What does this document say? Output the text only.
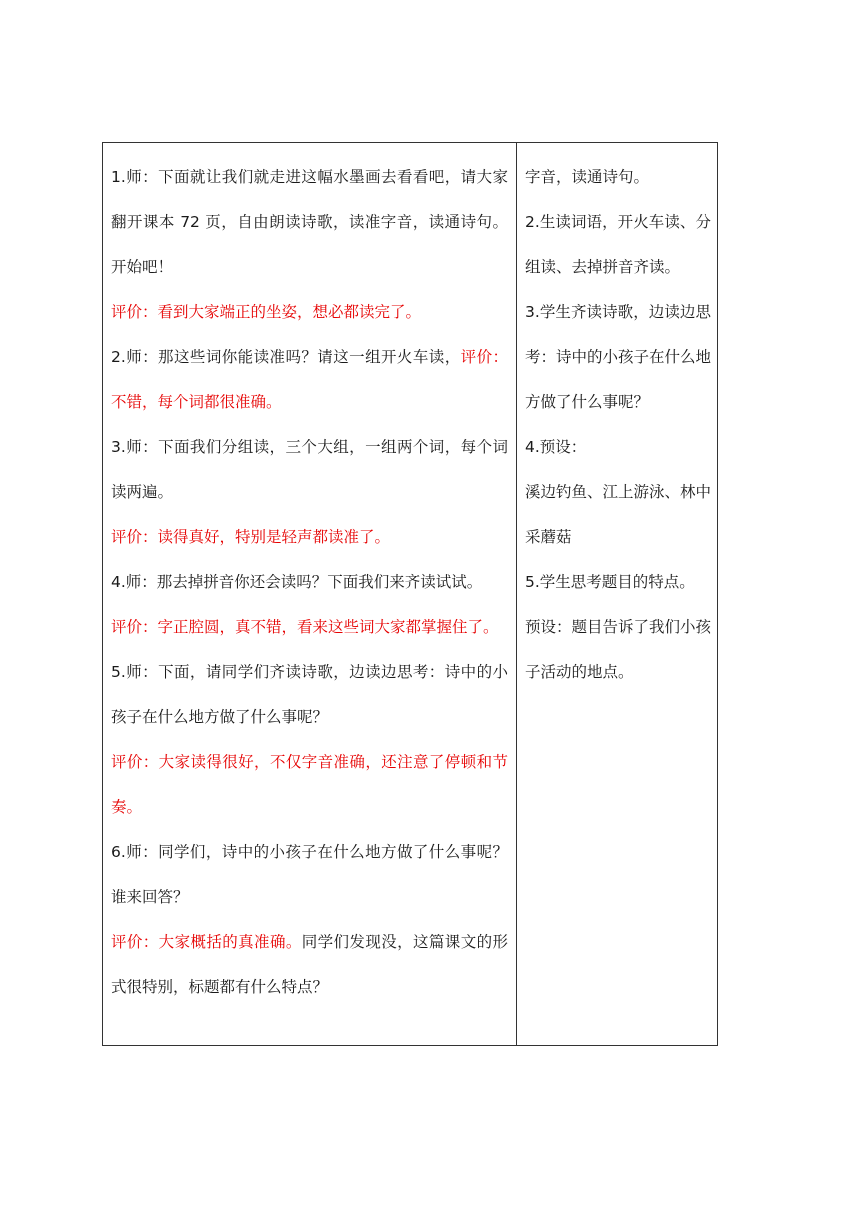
1.师：下面就让我们就走进这幅水墨画去看看吧，请大家翻开课本 72 页，自由朗读诗歌，读准字音，读通诗句。开始吧！

评价：看到大家端正的坐姿，想必都读完了。

2.师：那这些词你能读准吗？请这一组开火车读，评价：不错，每个词都很准确。

3.师：下面我们分组读，三个大组，一组两个词，每个词读两遍。

评价：读得真好，特别是轻声都读准了。

4.师：那去掉拼音你还会读吗？下面我们来齐读试试。

评价：字正腔圆，真不错，看来这些词大家都掌握住了。

5.师：下面，请同学们齐读诗歌，边读边思考：诗中的小孩子在什么地方做了什么事呢？

评价：大家读得很好，不仅字音准确，还注意了停顿和节奏。

6.师：同学们，诗中的小孩子在什么地方做了什么事呢？谁来回答？

评价：大家概括的真准确。同学们发现没，这篇课文的形式很特别，标题都有什么特点？

字音，读通诗句。

2.生读词语，开火车读、分组读、去掉拼音齐读。

3.学生齐读诗歌，边读边思考：诗中的小孩子在什么地方做了什么事呢？

4.预设：

溪边钓鱼、江上游泳、林中采蘑菇

5.学生思考题目的特点。

预设：题目告诉了我们小孩子活动的地点。
